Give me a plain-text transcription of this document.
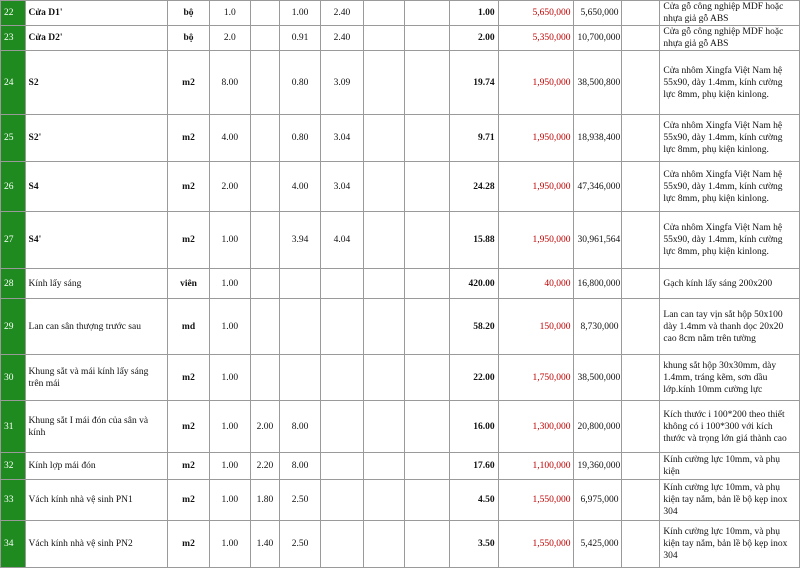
22	Cửa D1'	bộ	1.0		1.00	2.40			1.00	5,650,000	5,650,000		Cửa gỗ công nghiệp MDF hoặc nhựa giả gỗ ABS
23	Cửa D2'	bộ	2.0		0.91	2.40			2.00	5,350,000	10,700,000		Cửa gỗ công nghiệp MDF hoặc nhựa giả gỗ ABS
24	S2	m2	8.00		0.80	3.09			19.74	1,950,000	38,500,800		Cửa nhôm Xingfa Việt Nam hệ 55x90, dày 1.4mm, kính cường lực 8mm, phụ kiện kinlong.
25	S2'	m2	4.00		0.80	3.04			9.71	1,950,000	18,938,400		Cửa nhôm Xingfa Việt Nam hệ 55x90, dày 1.4mm, kính cường lực 8mm, phụ kiện kinlong.
26	S4	m2	2.00		4.00	3.04			24.28	1,950,000	47,346,000		Cửa nhôm Xingfa Việt Nam hệ 55x90, dày 1.4mm, kính cường lực 8mm, phụ kiện kinlong.
27	S4'	m2	1.00		3.94	4.04			15.88	1,950,000	30,961,564		Cửa nhôm Xingfa Việt Nam hệ 55x90, dày 1.4mm, kính cường lực 8mm, phụ kiện kinlong.
28	Kính lấy sáng	viên	1.00						420.00	40,000	16,800,000		Gạch kính lấy sáng 200x200
29	Lan can sân thượng trước sau	md	1.00						58.20	150,000	8,730,000		Lan can tay vịn sắt hộp 50x100 dày 1.4mm và thanh dọc 20x20 cao 8cm nằm trên tường
30	Khung sắt và mái kính lấy sáng trên mái	m2	1.00						22.00	1,750,000	38,500,000		khung sắt hộp 30x30mm, dày 1.4mm, tráng kẽm, sơn dầu lớp.kính 10mm cường lực
31	Khung sắt I mái đón của sân và kính	m2	1.00	2.00	8.00				16.00	1,300,000	20,800,000		Kích thước i 100*200 theo thiết không có i 100*300 với kích thước và trọng lớn giá thành cao
32	Kính lợp mái đón	m2	1.00	2.20	8.00				17.60	1,100,000	19,360,000		Kính cường lực 10mm, và phụ kiện
33	Vách kính nhà vệ sinh PN1	m2	1.00	1.80	2.50				4.50	1,550,000	6,975,000		Kính cường lực 10mm, và phụ kiện tay nắm, bản lề bộ kẹp inox 304
34	Vách kính nhà vệ sinh PN2	m2	1.00	1.40	2.50				3.50	1,550,000	5,425,000		Kính cường lực 10mm, và phụ kiện tay nắm, bản lề bộ kẹp inox 304
